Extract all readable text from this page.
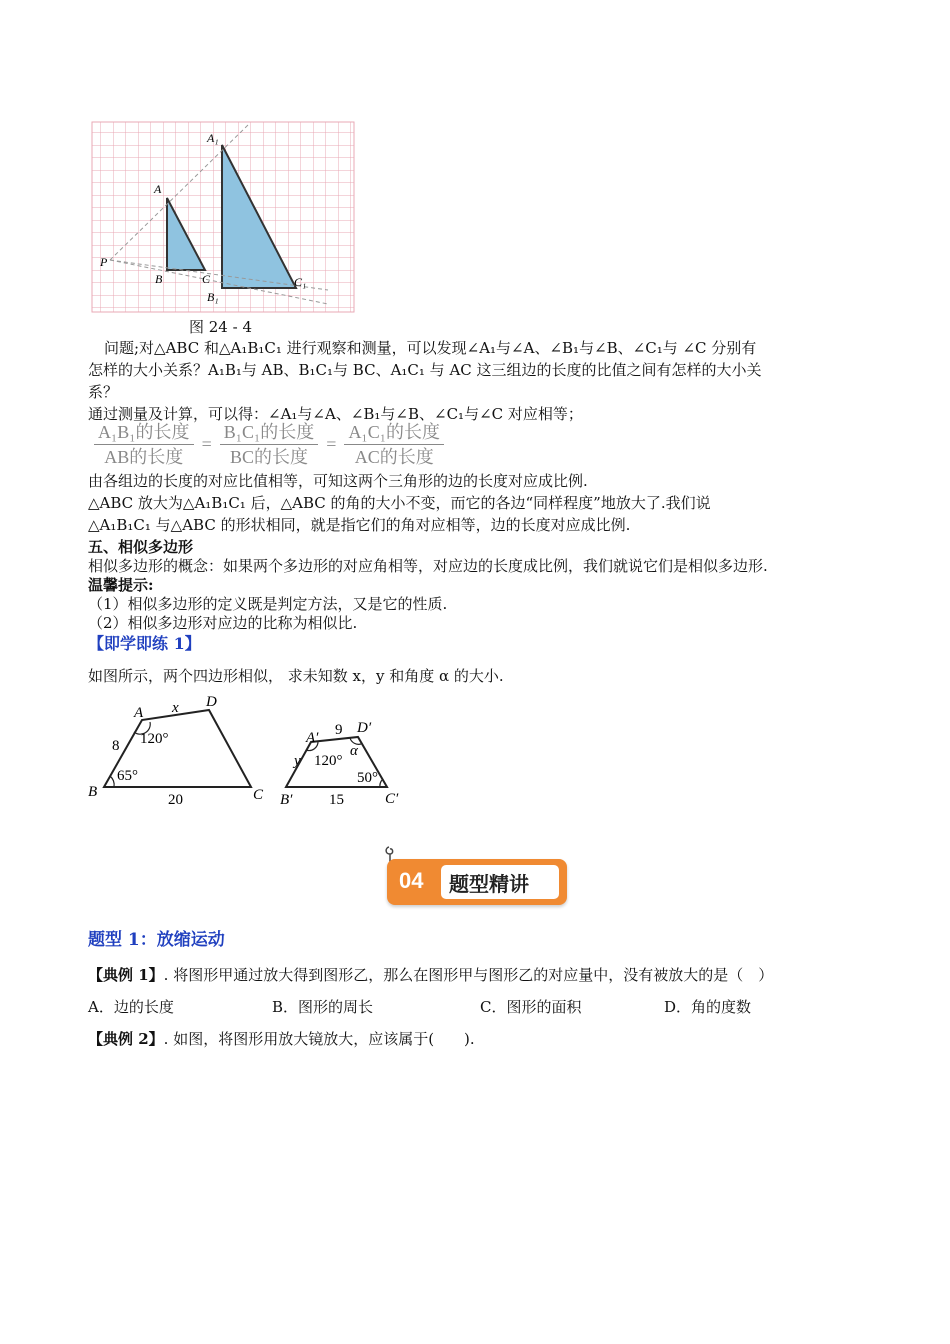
A₁
A
P
B	C
B₁
C₁
图 24 - 4
问题;对△ABC 和△A₁B₁C₁ 进行观察和测量，可以发现∠A₁与∠A、∠B₁与∠B、∠C₁与 ∠C 分别有
怎样的大小关系？A₁B₁与 AB、B₁C₁与 BC、A₁C₁ 与 AC 这三组边的长度的比值之间有怎样的大小关
系？
通过测量及计算，可以得：∠A₁与∠A、∠B₁与∠B、∠C₁与∠C 对应相等；
$\frac{\text{A₁B₁的长度}}{\text{AB的长度}} = \frac{\text{B₁C₁的长度}}{\text{BC的长度}} = \frac{\text{A₁C₁的长度}}{\text{AC的长度}}$
由各组边的长度的对应比值相等，可知这两个三角形的边的长度对应成比例.
△ABC 放大为△A₁B₁C₁ 后，△ABC 的角的大小不变，而它的各边“同样程度”地放大了.我们说
△A₁B₁C₁ 与△ABC 的形状相同，就是指它们的角对应相等，边的长度对应成比例.
五、相似多边形
相似多边形的概念：如果两个多边形的对应角相等，对应边的长度成比例，我们就说它们是相似多边形.
温馨提示:
（1）相似多边形的定义既是判定方法，又是它的性质.
（2）相似多边形对应边的比称为相似比.
【即学即练 1】
如图所示，两个四边形相似， 求未知数 x，y 和角度 α 的大小.
A x D
8 120°
65°
B	20	C
A′ 9 D′
y 120°
α
50°
B′ 15	C′
04 题型精讲
题型 1：放缩运动
【典例 1】. 将图形甲通过放大得到图形乙，那么在图形甲与图形乙的对应量中，没有被放大的是（　）
A．边的长度	B．图形的周长	C．图形的面积	D．角的度数
【典例 2】. 如图，将图形用放大镜放大，应该属于(　　).
